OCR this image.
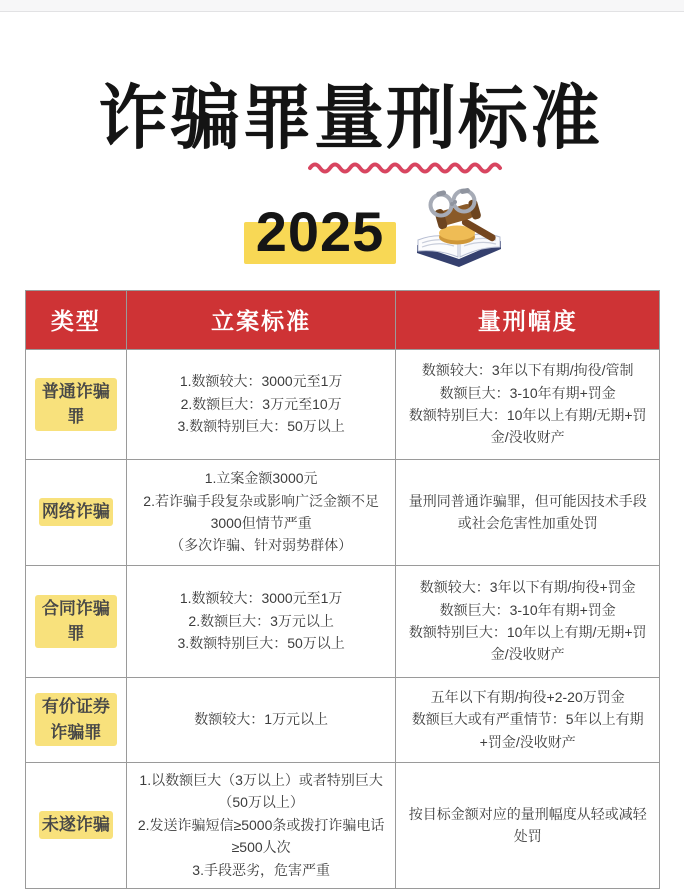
诈骗罪量刑标准
2025
类型	立案标准	量刑幅度
普通诈骗罪
1.数额较大：3000元至1万
2.数额巨大：3万元至10万
3.数额特别巨大：50万以上
数额较大：3年以下有期/拘役/管制
数额巨大：3-10年有期+罚金
数额特别巨大：10年以上有期/无期+罚金/没收财产
网络诈骗
1.立案金额3000元
2.若诈骗手段复杂或影响广泛金额不足3000但情节严重
（多次诈骗、针对弱势群体）
量刑同普通诈骗罪，但可能因技术手段或社会危害性加重处罚
合同诈骗罪
1.数额较大：3000元至1万
2.数额巨大：3万元以上
3.数额特别巨大：50万以上
数额较大：3年以下有期/拘役+罚金
数额巨大：3-10年有期+罚金
数额特别巨大：10年以上有期/无期+罚金/没收财产
有价证券诈骗罪
数额较大：1万元以上
五年以下有期/拘役+2-20万罚金
数额巨大或有严重情节：5年以上有期+罚金/没收财产
未遂诈骗
1.以数额巨大（3万以上）或者特别巨大（50万以上）
2.发送诈骗短信≥5000条或拨打诈骗电话≥500人次
3.手段恶劣，危害严重
按目标金额对应的量刑幅度从轻或减轻处罚
